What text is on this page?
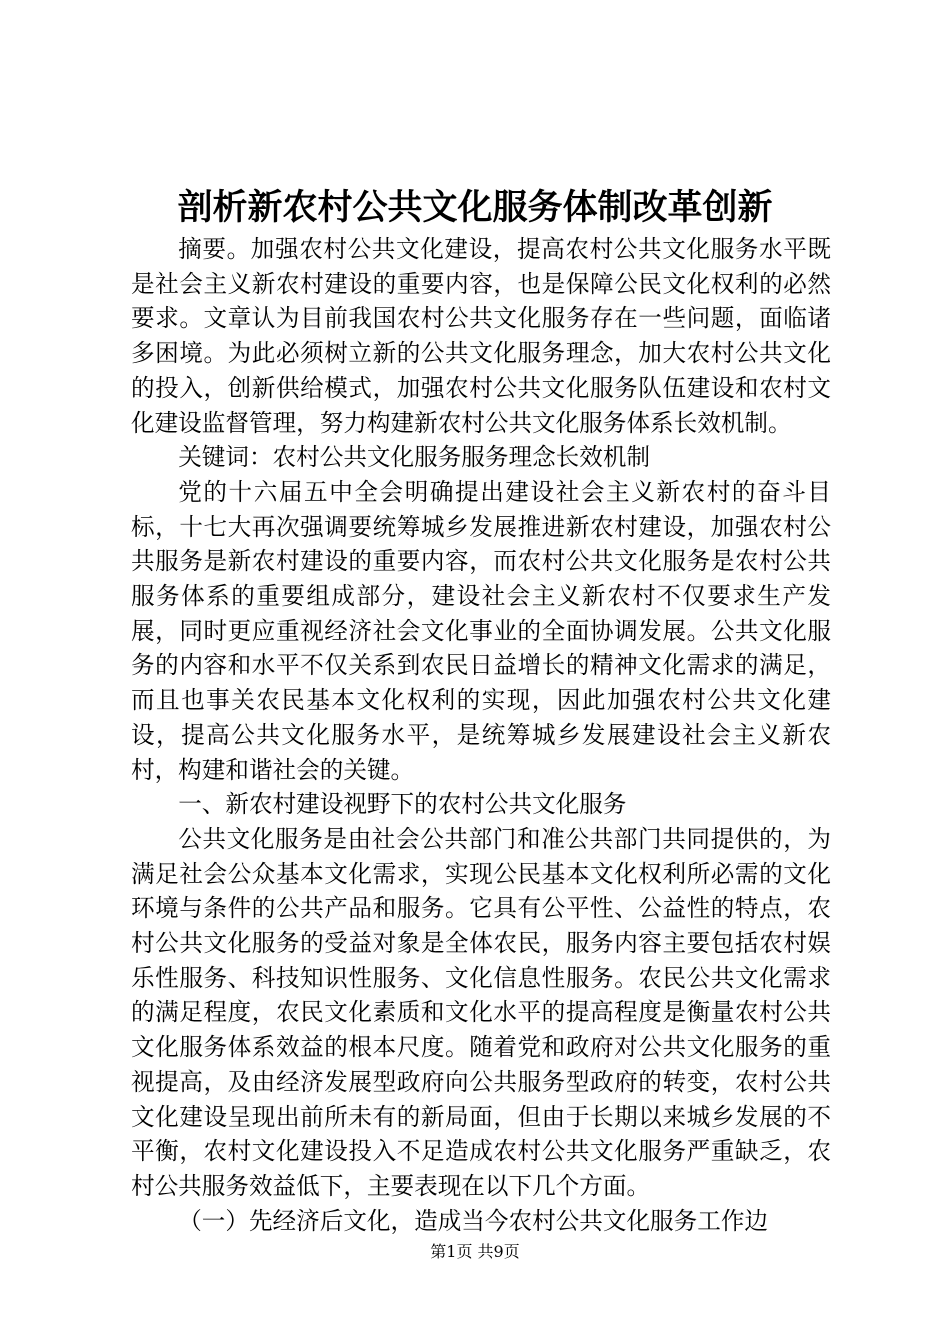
剖析新农村公共文化服务体制改革创新

摘要。加强农村公共文化建设，提高农村公共文化服务水平既是社会主义新农村建设的重要内容，也是保障公民文化权利的必然要求。文章认为目前我国农村公共文化服务存在一些问题，面临诸多困境。为此必须树立新的公共文化服务理念，加大农村公共文化的投入，创新供给模式，加强农村公共文化服务队伍建设和农村文化建设监督管理，努力构建新农村公共文化服务体系长效机制。

关键词：农村公共文化服务服务理念长效机制

党的十六届五中全会明确提出建设社会主义新农村的奋斗目标，十七大再次强调要统筹城乡发展推进新农村建设，加强农村公共服务是新农村建设的重要内容，而农村公共文化服务是农村公共服务体系的重要组成部分，建设社会主义新农村不仅要求生产发展，同时更应重视经济社会文化事业的全面协调发展。公共文化服务的内容和水平不仅关系到农民日益增长的精神文化需求的满足，而且也事关农民基本文化权利的实现，因此加强农村公共文化建设，提高公共文化服务水平，是统筹城乡发展建设社会主义新农村，构建和谐社会的关键。

一、新农村建设视野下的农村公共文化服务

公共文化服务是由社会公共部门和准公共部门共同提供的，为满足社会公众基本文化需求，实现公民基本文化权利所必需的文化环境与条件的公共产品和服务。它具有公平性、公益性的特点，农村公共文化服务的受益对象是全体农民，服务内容主要包括农村娱乐性服务、科技知识性服务、文化信息性服务。农民公共文化需求的满足程度，农民文化素质和文化水平的提高程度是衡量农村公共文化服务体系效益的根本尺度。随着党和政府对公共文化服务的重视提高，及由经济发展型政府向公共服务型政府的转变，农村公共文化建设呈现出前所未有的新局面，但由于长期以来城乡发展的不平衡，农村文化建设投入不足造成农村公共文化服务严重缺乏，农村公共服务效益低下，主要表现在以下几个方面。

（一）先经济后文化，造成当今农村公共文化服务工作边

第1页 共9页
